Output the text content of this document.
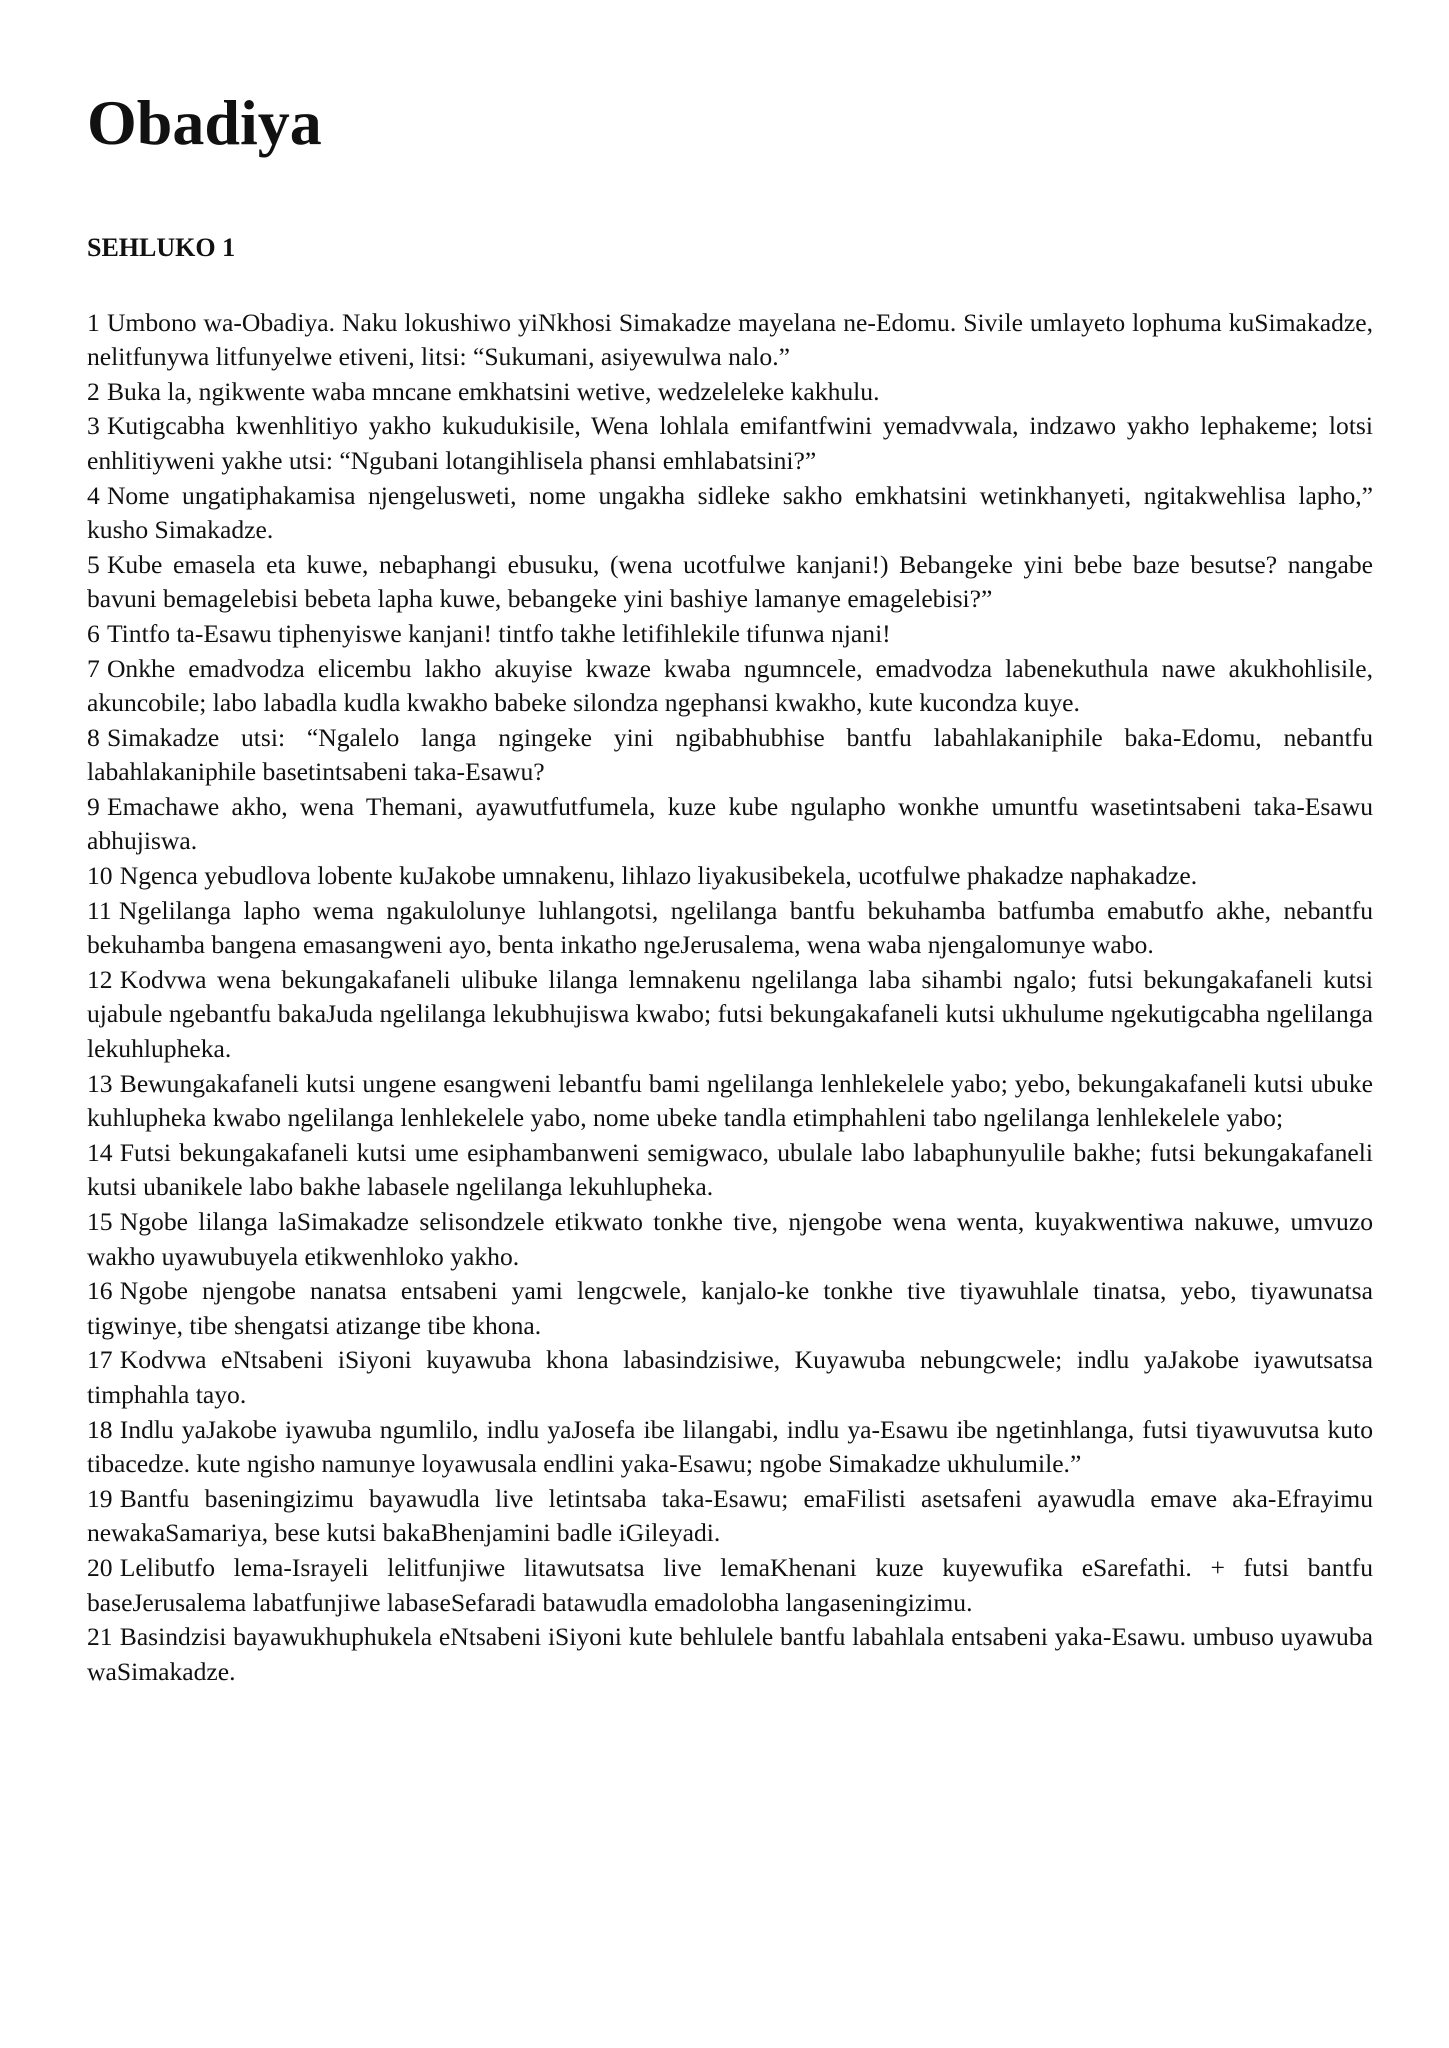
Obadiya
SEHLUKO 1

1 Umbono wa-Obadiya. Naku lokushiwo yiNkhosi Simakadze mayelana ne-Edomu. Sivile umlayeto lophuma kuSimakadze, nelitfunywa litfunyelwe etiveni, litsi: “Sukumani, asiyewulwa nalo.”

2 Buka la, ngikwente waba mncane emkhatsini wetive, wedzeleleke kakhulu.

3 Kutigcabha kwenhlitiyo yakho kukudukisile, Wena lohlala emifantfwini yemadvwala, indzawo yakho lephakeme; lotsi enhlitiyweni yakhe utsi: “Ngubani lotangihlisela phansi emhlabatsini?”

4 Nome ungatiphakamisa njengelusweti, nome ungakha sidleke sakho emkhatsini wetinkhanyeti, ngitakwehlisa lapho,” kusho Simakadze.

5 Kube emasela eta kuwe, nebaphangi ebusuku, (wena ucotfulwe kanjani!) Bebangeke yini bebe baze besutse? nangabe bavuni bemagelebisi bebeta lapha kuwe, bebangeke yini bashiye lamanye emagelebisi?”

6 Tintfo ta-Esawu tiphenyiswe kanjani! tintfo takhe letifihlekile tifunwa njani!

7 Onkhe emadvodza elicembu lakho akuyise kwaze kwaba ngumncele, emadvodza labenekuthula nawe akukhohlisile, akuncobile; labo labadla kudla kwakho babeke silondza ngephansi kwakho, kute kucondza kuye.

8 Simakadze utsi: “Ngalelo langa ngingeke yini ngibabhubhise bantfu labahlakaniphile baka-Edomu, nebantfu labahlakaniphile basetintsabeni taka-Esawu?

9 Emachawe akho, wena Themani, ayawutfutfumela, kuze kube ngulapho wonkhe umuntfu wasetintsabeni taka-Esawu abhujiswa.

10 Ngenca yebudlova lobente kuJakobe umnakenu, lihlazo liyakusibekela, ucotfulwe phakadze naphakadze.

11 Ngelilanga lapho wema ngakulolunye luhlangotsi, ngelilanga bantfu bekuhamba batfumba emabutfo akhe, nebantfu bekuhamba bangena emasangweni ayo, benta inkatho ngeJerusalema, wena waba njengalomunye wabo.

12 Kodvwa wena bekungakafaneli ulibuke lilanga lemnakenu ngelilanga laba sihambi ngalo; futsi bekungakafaneli kutsi ujabule ngebantfu bakaJuda ngelilanga lekubhujiswa kwabo; futsi bekungakafaneli kutsi ukhulume ngekutigcabha ngelilanga lekuhlupheka.

13 Bewungakafaneli kutsi ungene esangweni lebantfu bami ngelilanga lenhlekelele yabo; yebo, bekungakafaneli kutsi ubuke kuhlupheka kwabo ngelilanga lenhlekelele yabo, nome ubeke tandla etimphahleni tabo ngelilanga lenhlekelele yabo;

14 Futsi bekungakafaneli kutsi ume esiphambanweni semigwaco, ubulale labo labaphunyulile bakhe; futsi bekungakafaneli kutsi ubanikele labo bakhe labasele ngelilanga lekuhlupheka.

15 Ngobe lilanga laSimakadze selisondzele etikwato tonkhe tive, njengobe wena wenta, kuyakwentiwa nakuwe, umvuzo wakho uyawubuyela etikwenhloko yakho.

16 Ngobe njengobe nanatsa entsabeni yami lengcwele, kanjalo-ke tonkhe tive tiyawuhlale tinatsa, yebo, tiyawunatsa tigwinye, tibe shengatsi atizange tibe khona.

17 Kodvwa eNtsabeni iSiyoni kuyawuba khona labasindzisiwe, Kuyawuba nebungcwele; indlu yaJakobe iyawutsatsa timphahla tayo.

18 Indlu yaJakobe iyawuba ngumlilo, indlu yaJosefa ibe lilangabi, indlu ya-Esawu ibe ngetinhlanga, futsi tiyawuvutsa kuto tibacedze. kute ngisho namunye loyawusala endlini yaka-Esawu; ngobe Simakadze ukhulumile.”

19 Bantfu baseningizimu bayawudla live letintsaba taka-Esawu; emaFilisti asetsafeni ayawudla emave aka-Efrayimu newakaSamariya, bese kutsi bakaBhenjamini badle iGileyadi.

20 Lelibutfo lema-Israyeli lelitfunjiwe litawutsatsa live lemaKhenani kuze kuyewufika eSarefathi. + futsi bantfu baseJerusalema labatfunjiwe labaseSefaradi batawudla emadolobha langaseningizimu.

21 Basindzisi bayawukhuphukela eNtsabeni iSiyoni kute behlulele bantfu labahlala entsabeni yaka-Esawu. umbuso uyawuba waSimakadze.
